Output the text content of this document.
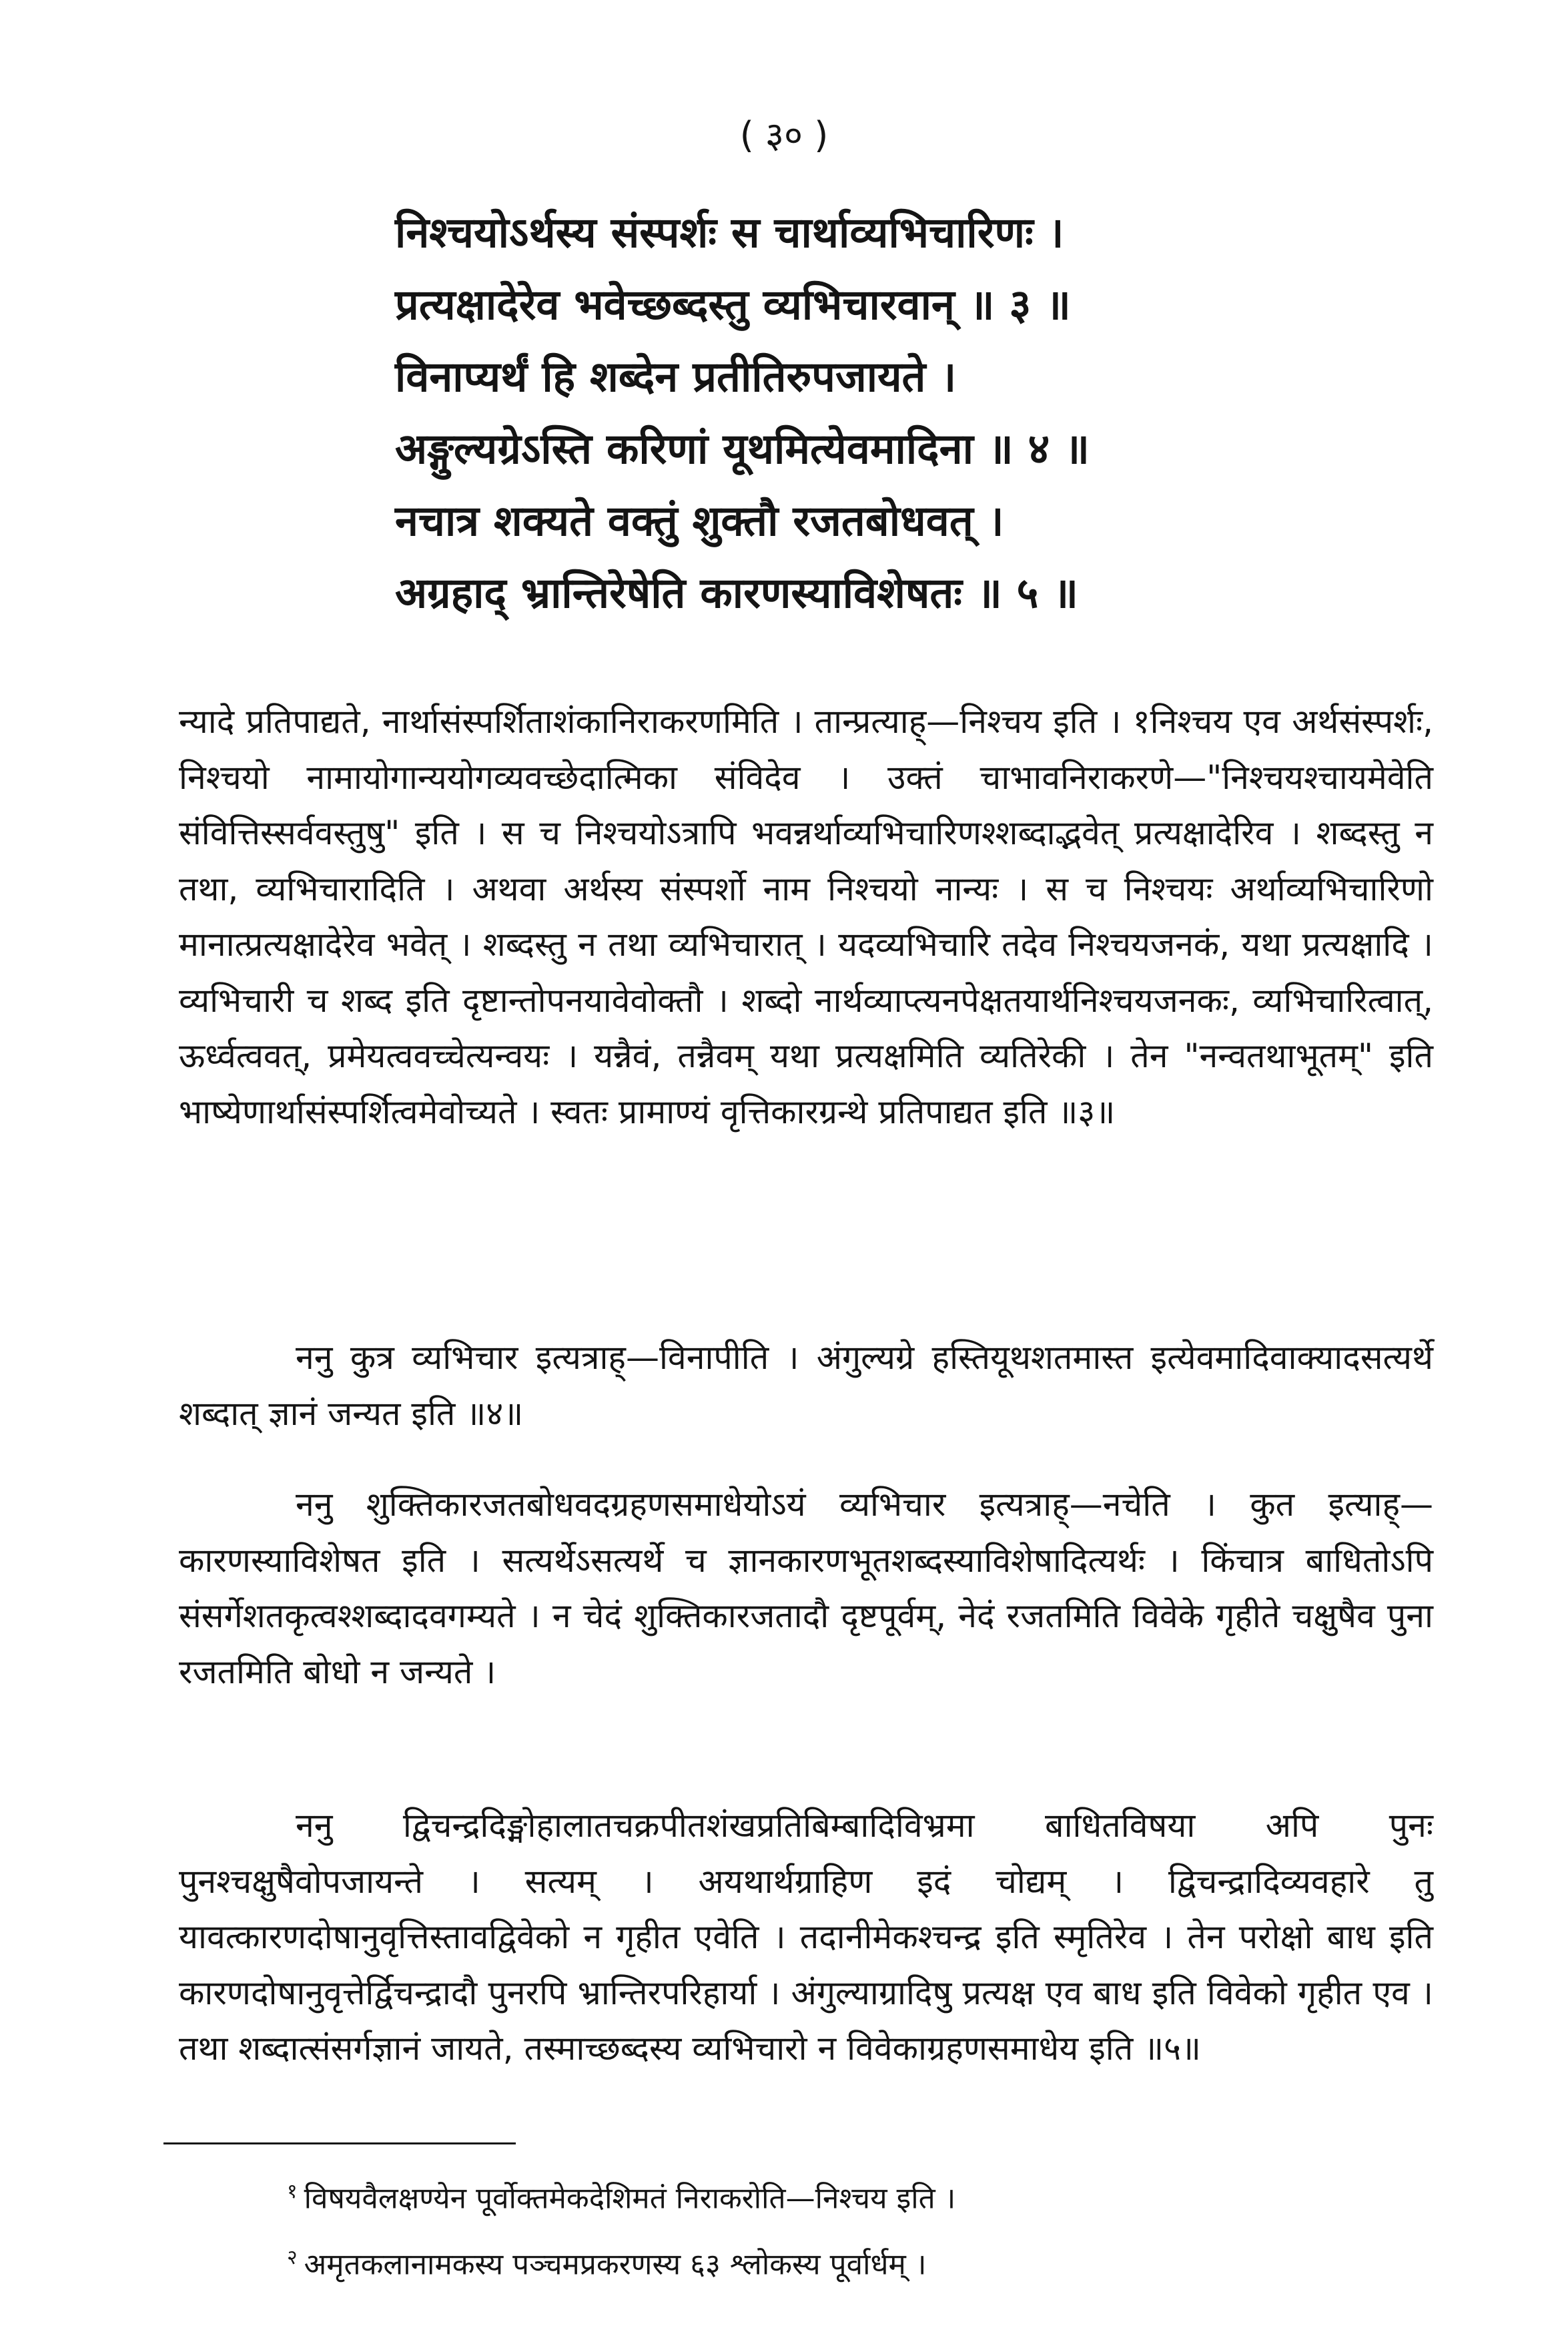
( ३० )
निश्चयोऽर्थस्य संस्पर्शः स चार्थाव्यभिचारिणः ।
प्रत्यक्षादेरेव भवेच्छब्दस्तु व्यभिचारवान् ॥ ३ ॥
विनाप्यर्थं हि शब्देन प्रतीतिरुपजायते ।
अङ्गुल्यग्रेऽस्ति करिणां यूथमित्येवमादिना ॥ ४ ॥
नचात्र शक्यते वक्तुं शुक्तौ रजतबोधवत् ।
अग्रहाद् भ्रान्तिरेषेति कारणस्याविशेषतः ॥ ५ ॥

न्यादे प्रतिपाद्यते, नार्थासंस्पर्शिताशंकानिराकरणमिति । तान्प्रत्याह्—निश्चय इति । १निश्चय एव अर्थसंस्पर्शः, निश्चयो नामायोगान्ययोगव्यवच्छेदात्मिका संविदेव । उक्तं चाभावनिराकरणे—"निश्चयश्चायमेवेति संवित्तिस्सर्ववस्तुषु" इति । स च निश्चयोऽत्रापि भवन्नर्थाव्यभिचारिणश्शब्दाद्भवेत् प्रत्यक्षादेरिव । शब्दस्तु न तथा, व्यभिचारादिति । अथवा अर्थस्य संस्पर्शो नाम निश्चयो नान्यः । स च निश्चयः अर्थाव्यभिचारिणो मानात्प्रत्यक्षादेरेव भवेत् । शब्दस्तु न तथा व्यभिचारात् । यदव्यभिचारि तदेव निश्चयजनकं, यथा प्रत्यक्षादि । व्यभिचारी च शब्द इति दृष्टान्तोपनयावेवोक्तौ । शब्दो नार्थव्याप्त्यनपेक्षतयार्थनिश्चयजनकः, व्यभिचारित्वात्, ऊर्ध्वत्ववत्, प्रमेयत्ववच्चेत्यन्वयः । यन्नैवं, तन्नैवम् यथा प्रत्यक्षमिति व्यतिरेकी । तेन "नन्वतथाभूतम्" इति भाष्येणार्थासंस्पर्शित्वमेवोच्यते । स्वतः प्रामाण्यं वृत्तिकारग्रन्थे प्रतिपाद्यत इति ॥३॥

ननु कुत्र व्यभिचार इत्यत्राह्—विनापीति । अंगुल्यग्रे हस्तियूथशतमास्त इत्येवमादिवाक्यादसत्यर्थे शब्दात् ज्ञानं जन्यत इति ॥४॥

ननु शुक्तिकारजतबोधवदग्रहणसमाधेयोऽयं व्यभिचार इत्यत्राह्—नचेति । कुत इत्याह्—कारणस्याविशेषत इति । सत्यर्थेऽसत्यर्थे च ज्ञानकारणभूतशब्दस्याविशेषादित्यर्थः । किंचात्र बाधितोऽपि संसर्गेशतकृत्वश्शब्दादवगम्यते । न चेदं शुक्तिकारजतादौ दृष्टपूर्वम्, नेदं रजतमिति विवेके गृहीते चक्षुषैव पुना रजतमिति बोधो न जन्यते ।

ननु द्विचन्द्रदिङ्मोहालातचक्रपीतशंखप्रतिबिम्बादिविभ्रमा बाधितविषया अपि पुनः पुनश्चक्षुषैवोपजायन्ते । सत्यम् । अयथार्थग्राहिण इदं चोद्यम् । द्विचन्द्रादिव्यवहारे तु यावत्कारणदोषानुवृत्तिस्तावद्विवेको न गृहीत एवेति । तदानीमेकश्चन्द्र इति स्मृतिरेव । तेन परोक्षो बाध इति कारणदोषानुवृत्तेर्द्विचन्द्रादौ पुनरपि भ्रान्तिरपरिहार्या । अंगुल्याग्रादिषु प्रत्यक्ष एव बाध इति विवेको गृहीत एव । तथा शब्दात्संसर्गज्ञानं जायते, तस्माच्छब्दस्य व्यभिचारो न विवेकाग्रहणसमाधेय इति ॥५॥

$^१$ विषयवैलक्षण्येन पूर्वोक्तमेकदेशिमतं निराकरोति—निश्चय इति ।
$^२$ अमृतकलानामकस्य पञ्चमप्रकरणस्य ६३ श्लोकस्य पूर्वार्धम् ।
